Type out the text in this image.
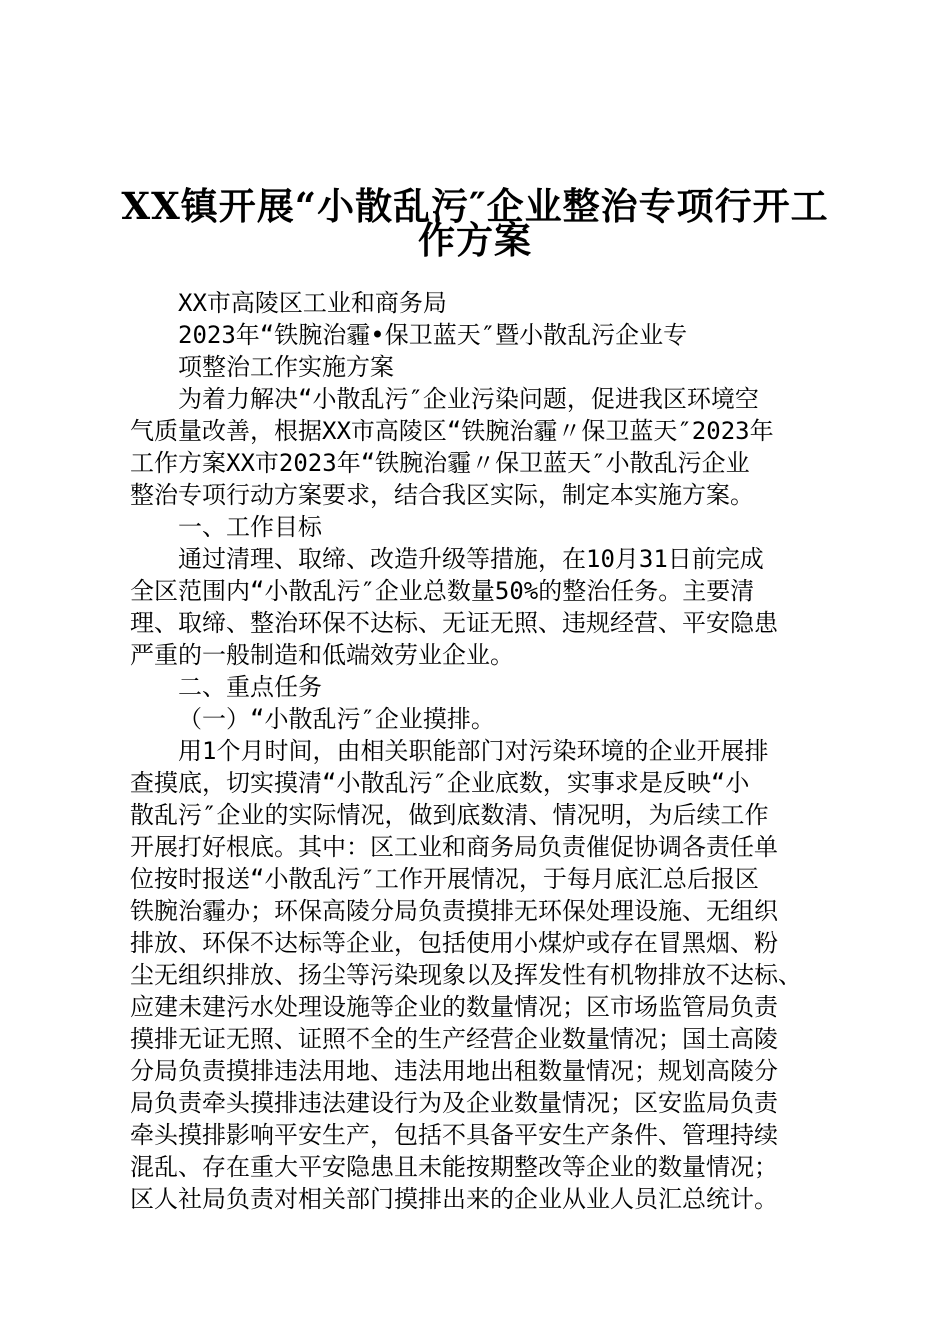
XX镇开展“小散乱污″企业整治专项行开工
作方案
XX市高陵区工业和商务局
2023年“铁腕治霾•保卫蓝天″暨小散乱污企业专
项整治工作实施方案
为着力解决“小散乱污″企业污染问题，促进我区环境空
气质量改善，根据XX市高陵区“铁腕治霾〃保卫蓝天″2023年
工作方案XX市2023年“铁腕治霾〃保卫蓝天″小散乱污企业
整治专项行动方案要求，结合我区实际，制定本实施方案。
一、工作目标
通过清理、取缔、改造升级等措施，在10月31日前完成
全区范围内“小散乱污″企业总数量50%的整治任务。主要清
理、取缔、整治环保不达标、无证无照、违规经营、平安隐患
严重的一般制造和低端效劳业企业。
二、重点任务
（一）“小散乱污″企业摸排。
用1个月时间，由相关职能部门对污染环境的企业开展排
查摸底，切实摸清“小散乱污″企业底数，实事求是反映“小
散乱污″企业的实际情况，做到底数清、情况明，为后续工作
开展打好根底。其中：区工业和商务局负责催促协调各责任单
位按时报送“小散乱污″工作开展情况，于每月底汇总后报区
铁腕治霾办；环保高陵分局负责摸排无环保处理设施、无组织
排放、环保不达标等企业，包括使用小煤炉或存在冒黑烟、粉
尘无组织排放、扬尘等污染现象以及挥发性有机物排放不达标、
应建未建污水处理设施等企业的数量情况；区市场监管局负责
摸排无证无照、证照不全的生产经营企业数量情况；国土高陵
分局负责摸排违法用地、违法用地出租数量情况；规划高陵分
局负责牵头摸排违法建设行为及企业数量情况；区安监局负责
牵头摸排影响平安生产，包括不具备平安生产条件、管理持续
混乱、存在重大平安隐患且未能按期整改等企业的数量情况；
区人社局负责对相关部门摸排出来的企业从业人员汇总统计。
